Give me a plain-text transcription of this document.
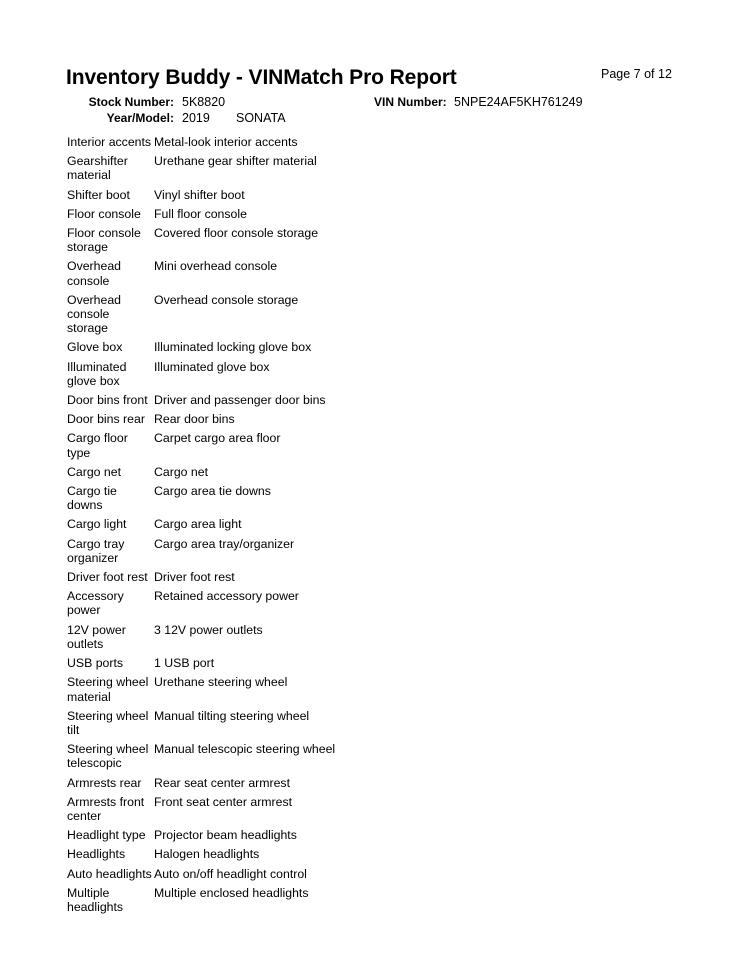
Inventory Buddy - VINMatch Pro Report	Page 7 of 12
Stock Number: 5K8820	VIN Number: 5NPE24AF5KH761249
Year/Model: 2019 SONATA
Interior accents	Metal-look interior accents
Gearshifter material	Urethane gear shifter material
Shifter boot	Vinyl shifter boot
Floor console	Full floor console
Floor console storage	Covered floor console storage
Overhead console	Mini overhead console
Overhead console storage	Overhead console storage
Glove box	Illuminated locking glove box
Illuminated glove box	Illuminated glove box
Door bins front	Driver and passenger door bins
Door bins rear	Rear door bins
Cargo floor type	Carpet cargo area floor
Cargo net	Cargo net
Cargo tie downs	Cargo area tie downs
Cargo light	Cargo area light
Cargo tray organizer	Cargo area tray/organizer
Driver foot rest	Driver foot rest
Accessory power	Retained accessory power
12V power outlets	3 12V power outlets
USB ports	1 USB port
Steering wheel material	Urethane steering wheel
Steering wheel tilt	Manual tilting steering wheel
Steering wheel telescopic	Manual telescopic steering wheel
Armrests rear	Rear seat center armrest
Armrests front center	Front seat center armrest
Headlight type	Projector beam headlights
Headlights	Halogen headlights
Auto headlights	Auto on/off headlight control
Multiple headlights	Multiple enclosed headlights
